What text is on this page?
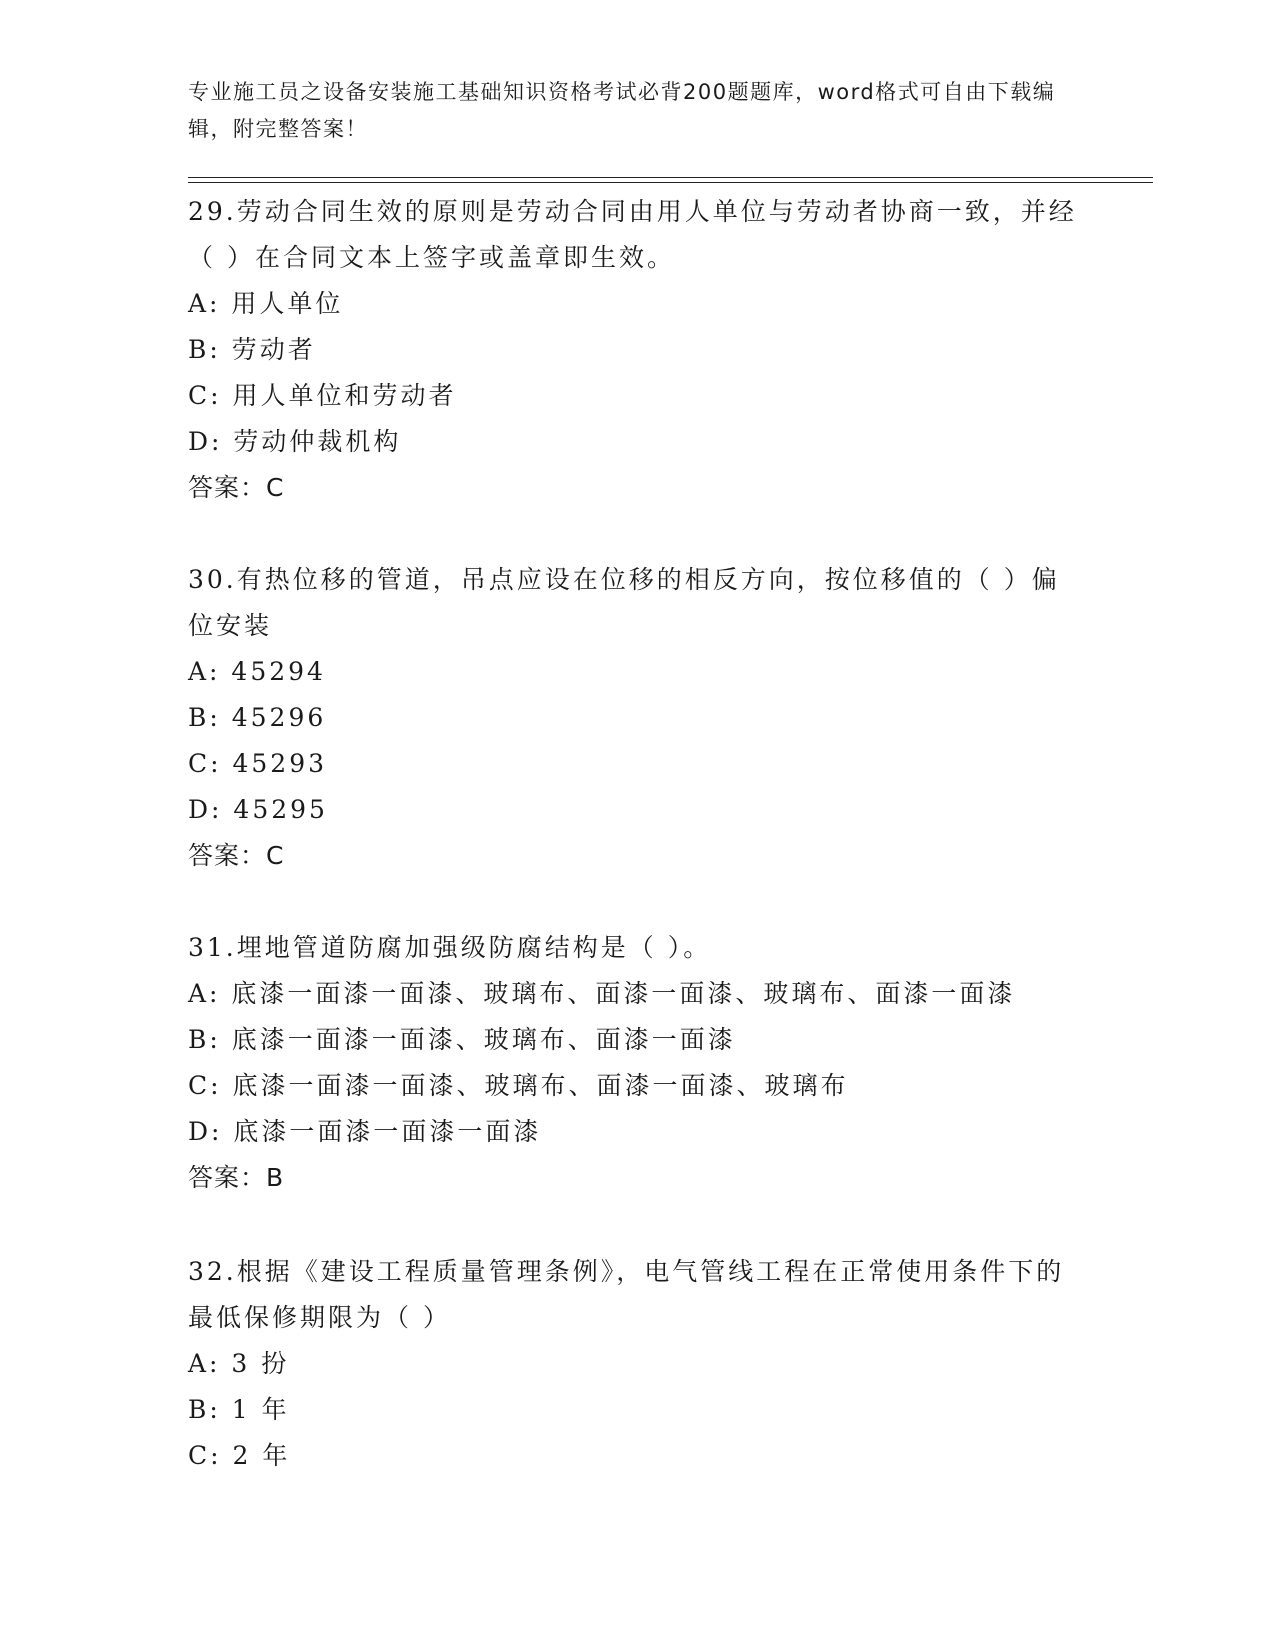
专业施工员之设备安装施工基础知识资格考试必背200题题库，word格式可自由下载编辑，附完整答案！
29.劳动合同生效的原则是劳动合同由用人单位与劳动者协商一致，并经（ ）在合同文本上签字或盖章即生效。
A: 用人单位
B: 劳动者
C: 用人单位和劳动者
D: 劳动仲裁机构
答案：C
30.有热位移的管道，吊点应设在位移的相反方向，按位移值的（ ）偏位安装
A: 45294
B: 45296
C: 45293
D: 45295
答案：C
31.埋地管道防腐加强级防腐结构是（ ）。
A: 底漆一面漆一面漆、玻璃布、面漆一面漆、玻璃布、面漆一面漆
B: 底漆一面漆一面漆、玻璃布、面漆一面漆
C: 底漆一面漆一面漆、玻璃布、面漆一面漆、玻璃布
D: 底漆一面漆一面漆一面漆
答案：B
32.根据《建设工程质量管理条例》，电气管线工程在正常使用条件下的最低保修期限为（ ）
A: 3 扮
B: 1 年
C: 2 年
